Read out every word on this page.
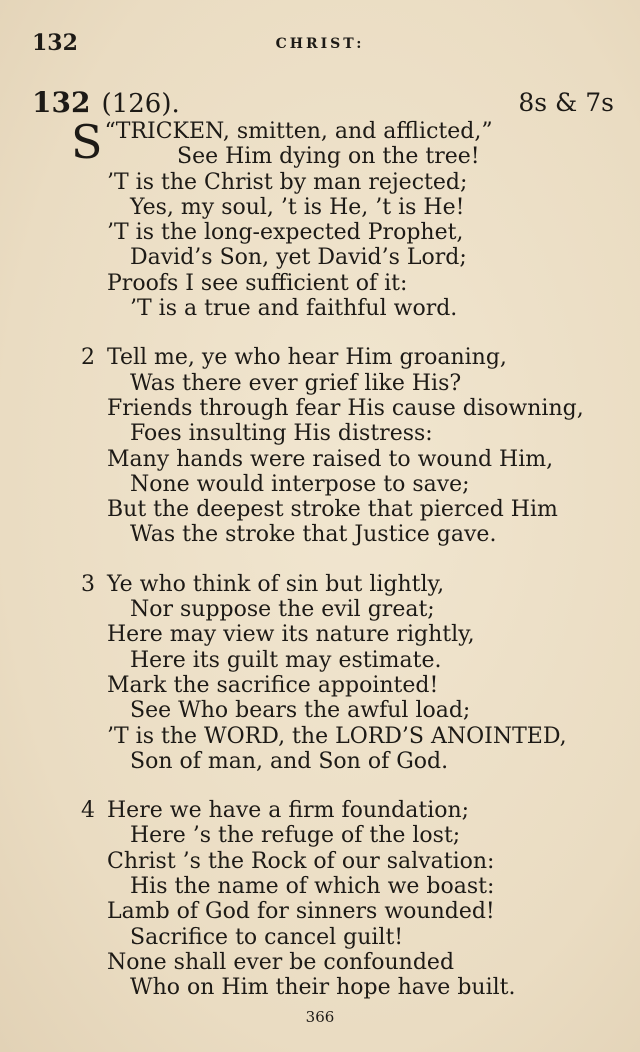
132	CHRIST:
132 (126).	8s & 7s
“
S TRICKEN, smitten, and afflicted,”
See Him dying on the tree!
’T is the Christ by man rejected;
Yes, my soul, ’t is He, ’t is He!
’T is the long-expected Prophet,
David’s Son, yet David’s Lord;
Proofs I see sufficient of it:
’T is a true and faithful word.
2 Tell me, ye who hear Him groaning,
Was there ever grief like His?
Friends through fear His cause disowning,
Foes insulting His distress:
Many hands were raised to wound Him,
None would interpose to save;
But the deepest stroke that pierced Him
Was the stroke that Justice gave.
3 Ye who think of sin but lightly,
Nor suppose the evil great;
Here may view its nature rightly,
Here its guilt may estimate.
Mark the sacrifice appointed!
See Who bears the awful load;
’T is the WORD, the LORD’S ANOINTED,
Son of man, and Son of God.
4 Here we have a firm foundation;
Here ’s the refuge of the lost;
Christ ’s the Rock of our salvation:
His the name of which we boast:
Lamb of God for sinners wounded!
Sacrifice to cancel guilt!
None shall ever be confounded
Who on Him their hope have built.
366
